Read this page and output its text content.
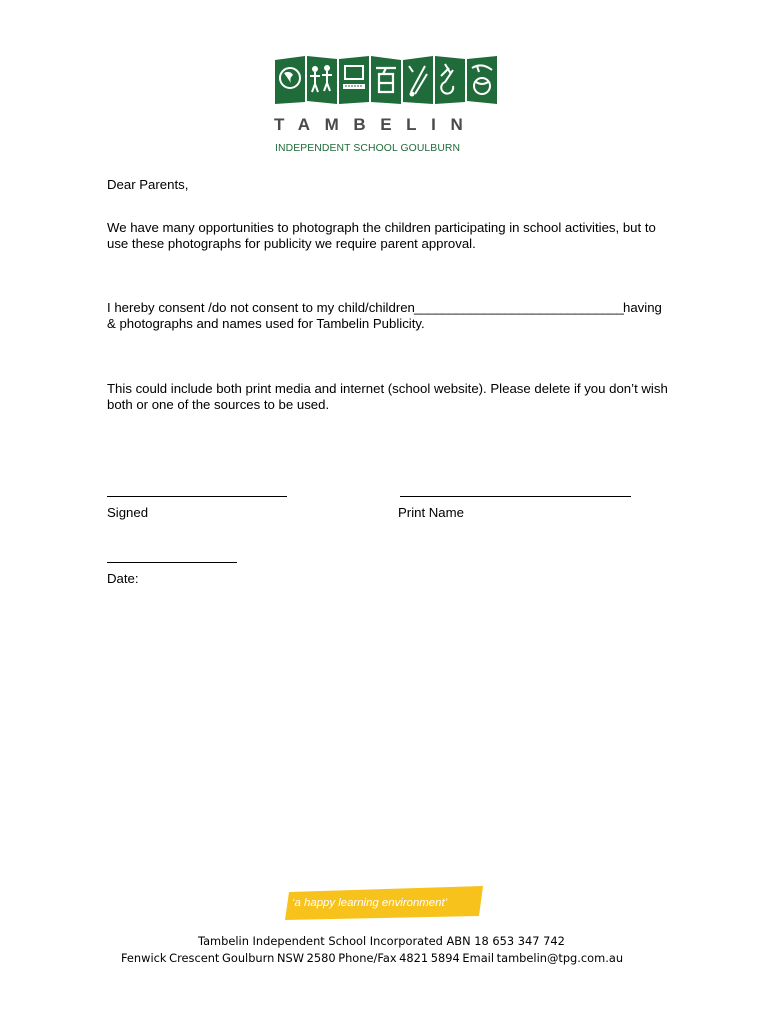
TAMBELIN
INDEPENDENT SCHOOL GOULBURN
Dear Parents,
We have many opportunities to photograph the children participating in school activities, but to
use these photographs for publicity we require parent approval.
I hereby consent /do not consent to my child/children ______________________________ having
& photographs and names used for Tambelin Publicity.
This could include both print media and internet (school website). Please delete if you don’t wish
both or one of the sources to be used.
Signed	Print Name
Date:
‘a happy learning environment’
Tambelin Independent School Incorporated ABN 18 653 347 742
Fenwick Crescent Goulburn NSW 2580 Phone/Fax 4821 5894 Email tambelin@tpg.com.au
